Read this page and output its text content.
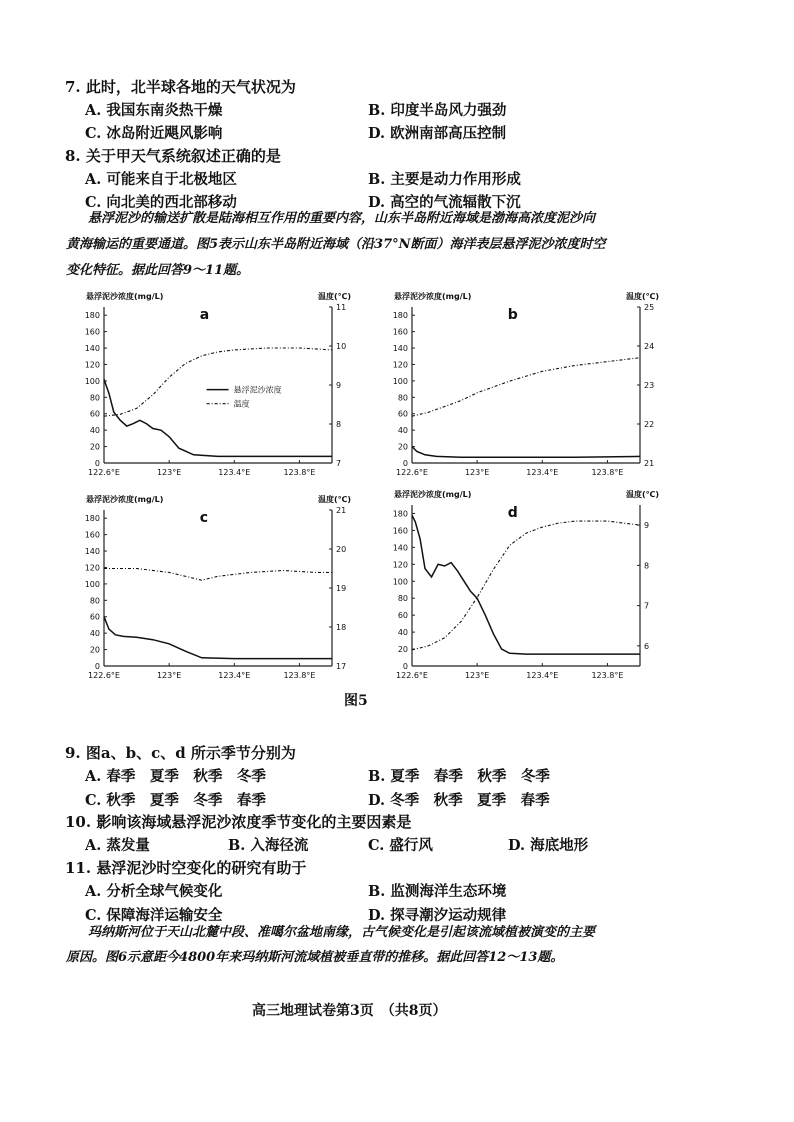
7. 此时，北半球各地的天气状况为
A. 我国东南炎热干燥	B. 印度半岛风力强劲
C. 冰岛附近飓风影响	D. 欧洲南部高压控制
8. 关于甲天气系统叙述正确的是
A. 可能来自于北极地区	B. 主要是动力作用形成
C. 向北美的西北部移动	D. 高空的气流辐散下沉
悬浮泥沙的输送扩散是陆海相互作用的重要内容，山东半岛附近海域是渤海高浓度泥沙向
黄海输运的重要通道。图5表示山东半岛附近海域（沿37°N断面）海洋表层悬浮泥沙浓度时空
变化特征。据此回答9～11题。
悬浮泥沙浓度(mg/L)	温度(℃)
a
0
20
40
60
80
100
120
140
160
180
7
8
9
10
11
122.6°E	123°E	123.4°E	123.8°E
悬浮泥沙浓度
温度
悬浮泥沙浓度(mg/L)	温度(℃)
b
0
20
40
60
80
100
120
140
160
180
21
22
23
24
25
122.6°E	123°E	123.4°E	123.8°E
悬浮泥沙浓度(mg/L)	温度(℃)
c
0
20
40
60
80
100
120
140
160
180
17
18
19
20
21
122.6°E	123°E	123.4°E	123.8°E
悬浮泥沙浓度(mg/L)	温度(℃)
d
0
20
40
60
80
100
120
140
160
180
6
7
8
9
122.6°E	123°E	123.4°E	123.8°E
图5
9. 图a、b、c、d 所示季节分别为
A. 春季　夏季　秋季　冬季	B. 夏季　春季　秋季　冬季
C. 秋季　夏季　冬季　春季	D. 冬季　秋季　夏季　春季
10. 影响该海域悬浮泥沙浓度季节变化的主要因素是
A. 蒸发量	B. 入海径流	C. 盛行风	D. 海底地形
11. 悬浮泥沙时空变化的研究有助于
A. 分析全球气候变化	B. 监测海洋生态环境
C. 保障海洋运输安全	D. 探寻潮汐运动规律
玛纳斯河位于天山北麓中段、准噶尔盆地南缘，古气候变化是引起该流域植被演变的主要
原因。图6示意距今4800年来玛纳斯河流域植被垂直带的推移。据此回答12～13题。
高三地理试卷第3页　（共8页）
